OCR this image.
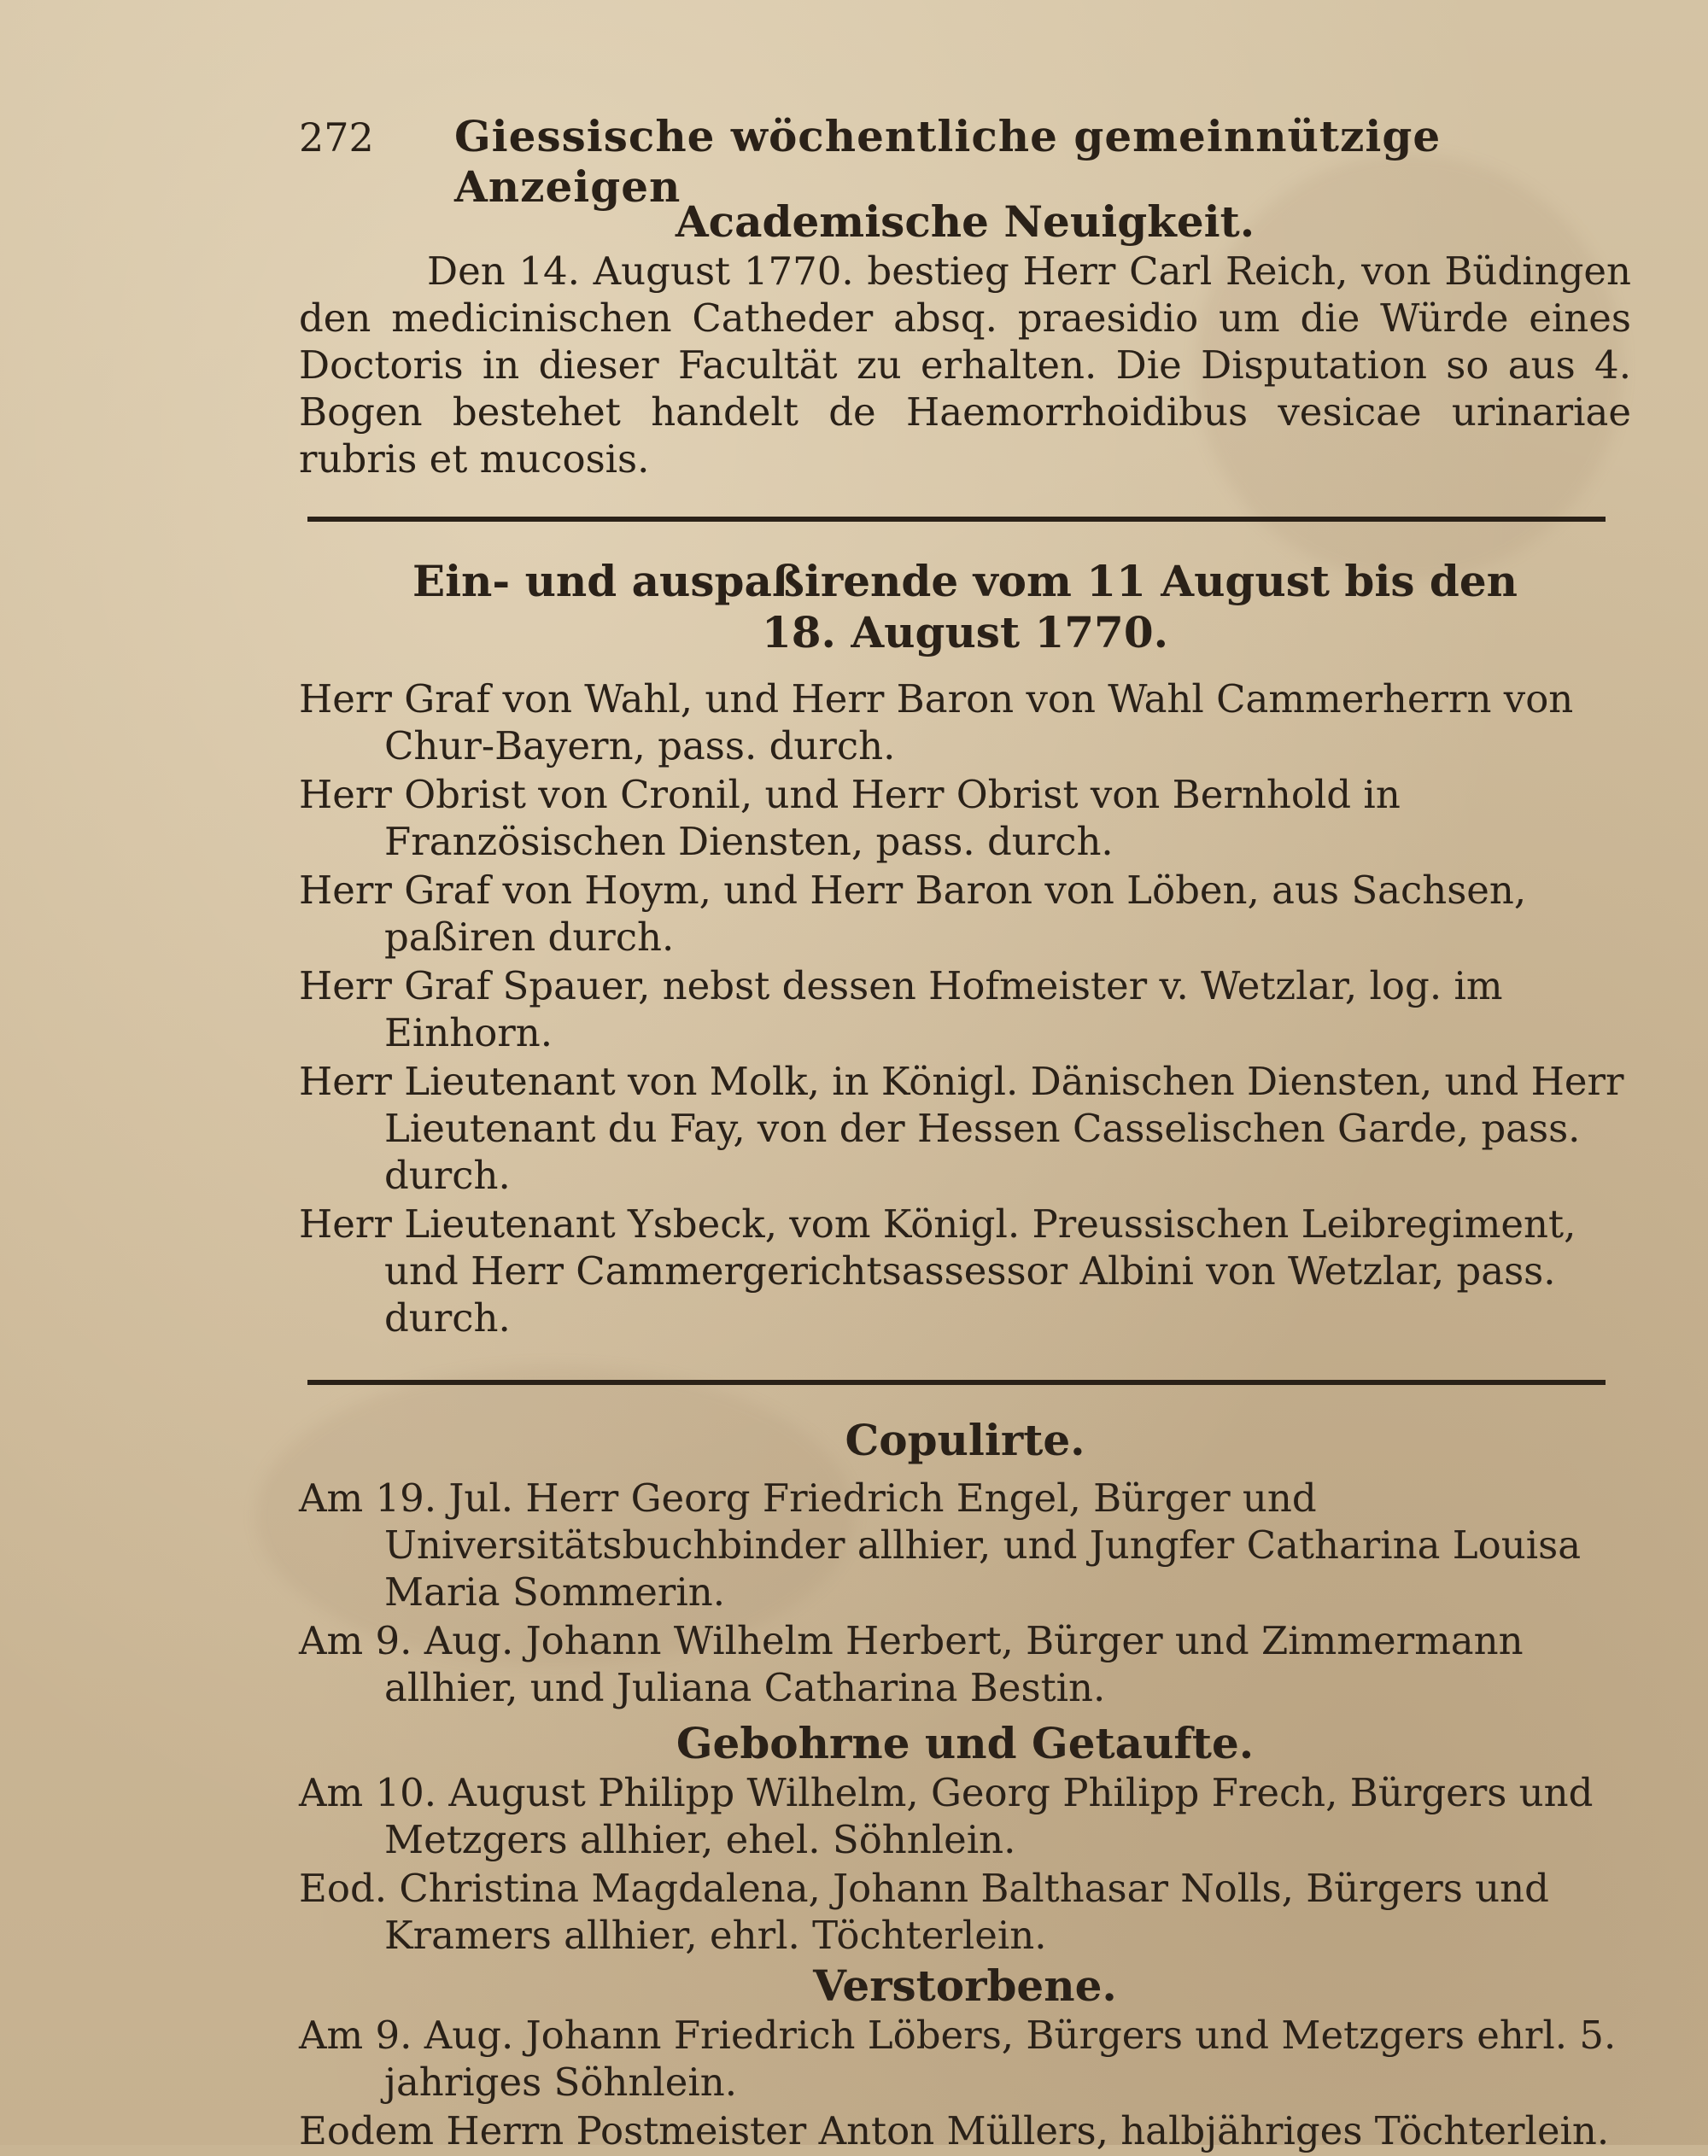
272	Giessische wöchentliche gemeinnützige Anzeigen
Academische Neuigkeit.

Den 14. August 1770. bestieg Herr Carl Reich, von Büdingen den medicinischen Catheder absq. praesidio um die Würde eines Doctoris in dieser Facultät zu erhalten. Die Disputation so aus 4. Bogen bestehet handelt de Haemorrhoidibus vesicae urinariae rubris et mucosis.

Ein- und auspaßirende vom 11 August bis den
18. August 1770.

Herr Graf von Wahl, und Herr Baron von Wahl Cammerherrn von Chur-Bayern, pass. durch.

Herr Obrist von Cronil, und Herr Obrist von Bernhold in Französischen Diensten, pass. durch.

Herr Graf von Hoym, und Herr Baron von Löben, aus Sachsen, paßiren durch.

Herr Graf Spauer, nebst dessen Hofmeister v. Wetzlar, log. im Einhorn.

Herr Lieutenant von Molk, in Königl. Dänischen Diensten, und Herr Lieutenant du Fay, von der Hessen Casselischen Garde, pass. durch.

Herr Lieutenant Ysbeck, vom Königl. Preussischen Leibregiment, und Herr Cammergerichtsassessor Albini von Wetzlar, pass. durch.

Copulirte.

Am 19. Jul. Herr Georg Friedrich Engel, Bürger und Universitätsbuchbinder allhier, und Jungfer Catharina Louisa Maria Sommerin.

Am 9. Aug. Johann Wilhelm Herbert, Bürger und Zimmermann allhier, und Juliana Catharina Bestin.

Gebohrne und Getaufte.

Am 10. August Philipp Wilhelm, Georg Philipp Frech, Bürgers und Metzgers allhier, ehel. Söhnlein.

Eod. Christina Magdalena, Johann Balthasar Nolls, Bürgers und Kramers allhier, ehrl. Töchterlein.

Verstorbene.

Am 9. Aug. Johann Friedrich Löbers, Bürgers und Metzgers ehrl. 5. jahriges Söhnlein.

Eodem Herrn Postmeister Anton Müllers, halbjähriges Töchterlein.
